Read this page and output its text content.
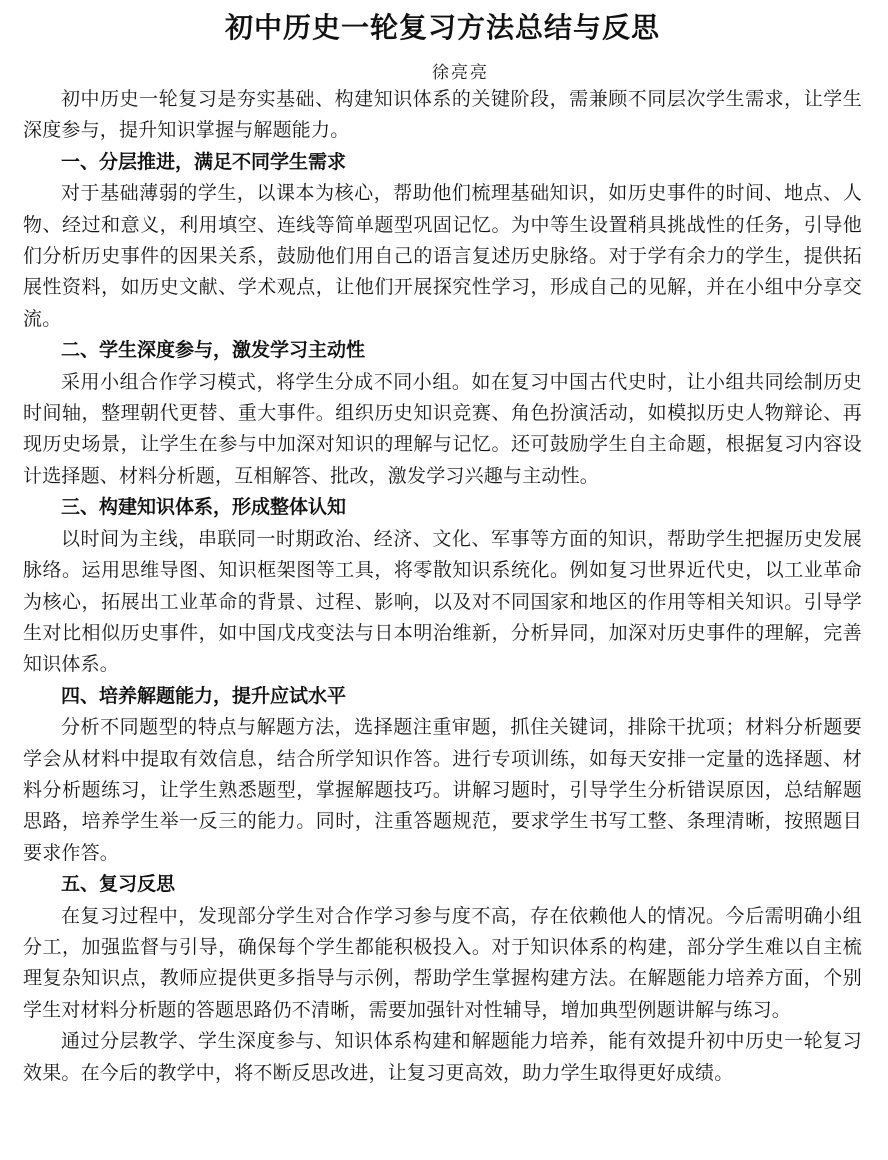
初中历史一轮复习方法总结与反思

徐亮亮

初中历史一轮复习是夯实基础、构建知识体系的关键阶段，需兼顾不同层次学生需求，让学生深度参与，提升知识掌握与解题能力。

一、分层推进，满足不同学生需求

对于基础薄弱的学生，以课本为核心，帮助他们梳理基础知识，如历史事件的时间、地点、人物、经过和意义，利用填空、连线等简单题型巩固记忆。为中等生设置稍具挑战性的任务，引导他们分析历史事件的因果关系，鼓励他们用自己的语言复述历史脉络。对于学有余力的学生，提供拓展性资料，如历史文献、学术观点，让他们开展探究性学习，形成自己的见解，并在小组中分享交流。

二、学生深度参与，激发学习主动性

采用小组合作学习模式，将学生分成不同小组。如在复习中国古代史时，让小组共同绘制历史时间轴，整理朝代更替、重大事件。组织历史知识竞赛、角色扮演活动，如模拟历史人物辩论、再现历史场景，让学生在参与中加深对知识的理解与记忆。还可鼓励学生自主命题，根据复习内容设计选择题、材料分析题，互相解答、批改，激发学习兴趣与主动性。

三、构建知识体系，形成整体认知

以时间为主线，串联同一时期政治、经济、文化、军事等方面的知识，帮助学生把握历史发展脉络。运用思维导图、知识框架图等工具，将零散知识系统化。例如复习世界近代史，以工业革命为核心，拓展出工业革命的背景、过程、影响，以及对不同国家和地区的作用等相关知识。引导学生对比相似历史事件，如中国戊戌变法与日本明治维新，分析异同，加深对历史事件的理解，完善知识体系。

四、培养解题能力，提升应试水平

分析不同题型的特点与解题方法，选择题注重审题，抓住关键词，排除干扰项；材料分析题要学会从材料中提取有效信息，结合所学知识作答。进行专项训练，如每天安排一定量的选择题、材料分析题练习，让学生熟悉题型，掌握解题技巧。讲解习题时，引导学生分析错误原因，总结解题思路，培养学生举一反三的能力。同时，注重答题规范，要求学生书写工整、条理清晰，按照题目要求作答。

五、复习反思

在复习过程中，发现部分学生对合作学习参与度不高，存在依赖他人的情况。今后需明确小组分工，加强监督与引导，确保每个学生都能积极投入。对于知识体系的构建，部分学生难以自主梳理复杂知识点，教师应提供更多指导与示例，帮助学生掌握构建方法。在解题能力培养方面，个别学生对材料分析题的答题思路仍不清晰，需要加强针对性辅导，增加典型例题讲解与练习。

通过分层教学、学生深度参与、知识体系构建和解题能力培养，能有效提升初中历史一轮复习效果。在今后的教学中，将不断反思改进，让复习更高效，助力学生取得更好成绩。
